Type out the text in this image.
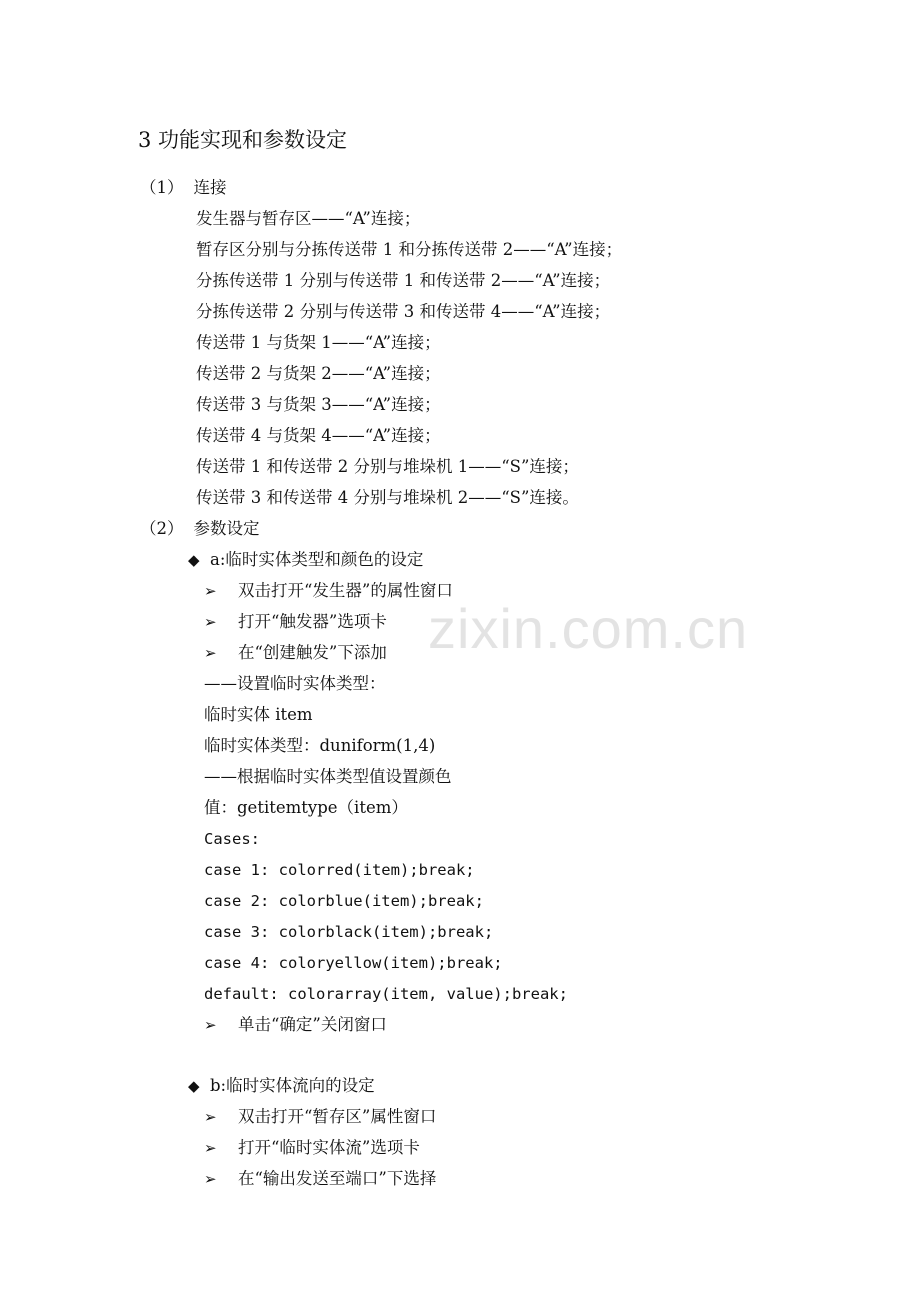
3 功能实现和参数设定
（1） 连接
发生器与暂存区——“A”连接；
暂存区分别与分拣传送带 1 和分拣传送带 2——“A”连接；
分拣传送带 1 分别与传送带 1 和传送带 2——“A”连接；
分拣传送带 2 分别与传送带 3 和传送带 4——“A”连接；
传送带 1 与货架 1——“A”连接；
传送带 2 与货架 2——“A”连接；
传送带 3 与货架 3——“A”连接；
传送带 4 与货架 4——“A”连接；
传送带 1 和传送带 2 分别与堆垛机 1——“S”连接；
传送带 3 和传送带 4 分别与堆垛机 2——“S”连接。
（2） 参数设定
◆ a:临时实体类型和颜色的设定
➢ 双击打开“发生器”的属性窗口
➢ 打开“触发器”选项卡
➢ 在“创建触发”下添加
——设置临时实体类型：
临时实体 item
临时实体类型：duniform(1,4)
——根据临时实体类型值设置颜色
值：getitemtype（item）
Cases:
case 1: colorred(item);break;
case 2: colorblue(item);break;
case 3: colorblack(item);break;
case 4: coloryellow(item);break;
default: colorarray(item, value);break;
➢ 单击“确定”关闭窗口
◆ b:临时实体流向的设定
➢ 双击打开“暂存区”属性窗口
➢ 打开“临时实体流”选项卡
➢ 在“输出发送至端口”下选择
zixin.com.cn
